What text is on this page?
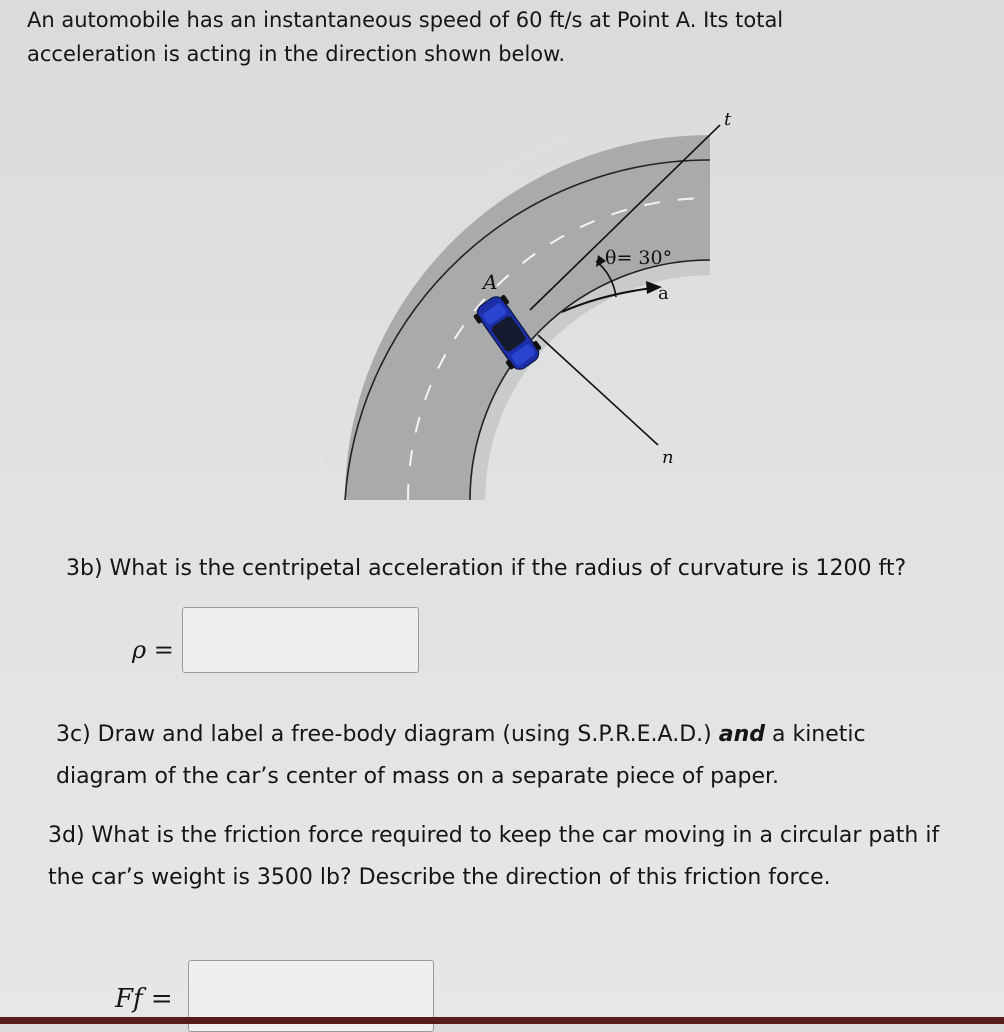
An automobile has an instantaneous speed of 60 ft/s at Point A. Its total
acceleration is acting in the direction shown below.

t
n
a
θ= 30°
A

3b) What is the centripetal acceleration if the radius of curvature is 1200 ft?

ρ =

3c) Draw and label a free-body diagram (using S.P.R.E.A.D.) and a kinetic diagram of the car’s center of mass on a separate piece of paper.

3d) What is the friction force required to keep the car moving in a circular path if the car’s weight is 3500 lb? Describe the direction of this friction force.

Ff =
